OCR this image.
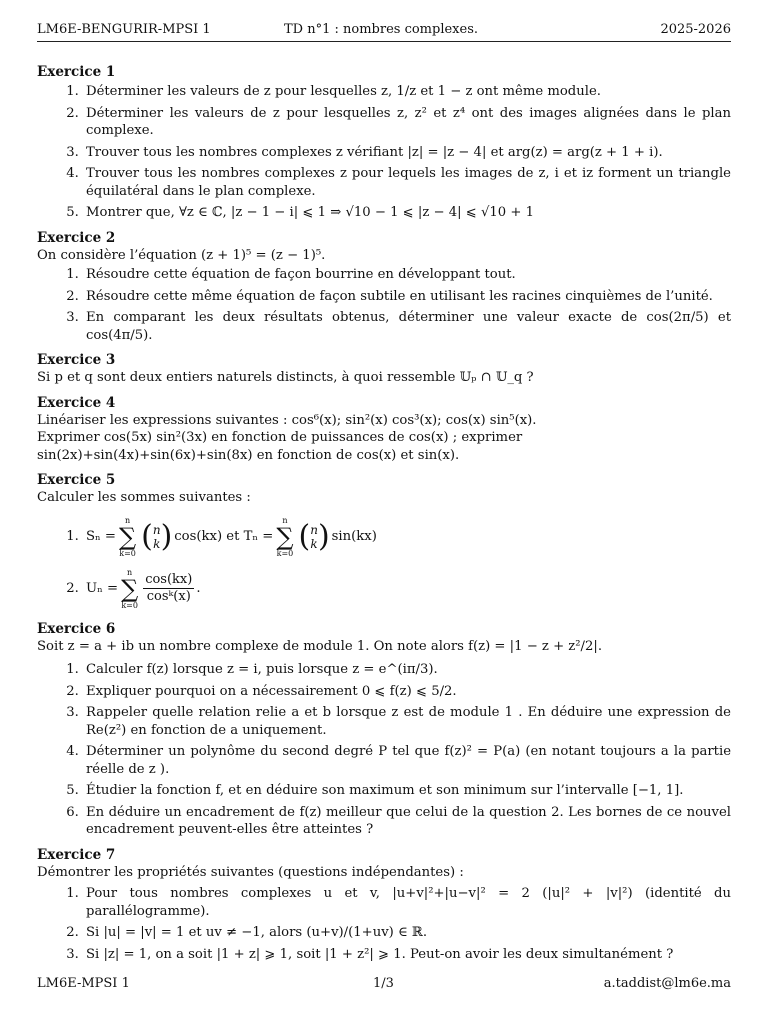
LM6E-BENGURIR-MPSI 1	TD n°1 : nombres complexes.	2025-2026
Exercice 1
1. Déterminer les valeurs de z pour lesquelles z, 1/z et 1 − z ont même module.
2. Déterminer les valeurs de z pour lesquelles z, z² et z⁴ ont des images alignées dans le plan complexe.
3. Trouver tous les nombres complexes z vérifiant |z| = |z − 4| et arg(z) = arg(z + 1 + i).
4. Trouver tous les nombres complexes z pour lequels les images de z, i et iz forment un triangle équilatéral dans le plan complexe.
5. Montrer que, ∀z ∈ ℂ, |z − 1 − i| ⩽ 1 ⇒ √10 − 1 ⩽ |z − 4| ⩽ √10 + 1
Exercice 2

On considère l’équation (z + 1)⁵ = (z − 1)⁵.

1. Résoudre cette équation de façon bourrine en développant tout.
2. Résoudre cette même équation de façon subtile en utilisant les racines cinquièmes de l’unité.
3. En comparant les deux résultats obtenus, déterminer une valeur exacte de cos(2π/5) et cos(4π/5).
Exercice 3

Si p et q sont deux entiers naturels distincts, à quoi ressemble 𝕌ₚ ∩ 𝕌_q ?

Exercice 4

Linéariser les expressions suivantes : cos⁶(x); sin²(x) cos³(x); cos(x) sin⁵(x).

Exprimer cos(5x) sin²(3x) en fonction de puissances de cos(x) ; exprimer sin(2x)+sin(4x)+sin(6x)+sin(8x) en fonction de cos(x) et sin(x).

Exercice 5

Calculer les sommes suivantes :

1. Sₙ =
n
∑
k=0 ( n
k ) cos(kx) et Tₙ =
n
∑
k=0 ( n
k ) sin(kx)
2. Uₙ =
n
∑
$k=0 \frac{\cos(kx)}{\text{cosᵏ(x)}}$ .
Exercice 6

Soit z = a + ib un nombre complexe de module 1. On note alors f(z) = |1 − z + z²/2|.

1. Calculer f(z) lorsque z = i, puis lorsque z = e^(iπ/3).
2. Expliquer pourquoi on a nécessairement 0 ⩽ f(z) ⩽ 5/2.
3. Rappeler quelle relation relie a et b lorsque z est de module 1 . En déduire une expression de Re(z²) en fonction de a uniquement.
4. Déterminer un polynôme du second degré P tel que f(z)² = P(a) (en notant toujours a la partie réelle de z ).
5. Étudier la fonction f, et en déduire son maximum et son minimum sur l’intervalle [−1, 1].
6. En déduire un encadrement de f(z) meilleur que celui de la question 2. Les bornes de ce nouvel encadrement peuvent-elles être atteintes ?
Exercice 7

Démontrer les propriétés suivantes (questions indépendantes) :

1. Pour tous nombres complexes u et v, |u+v|²+|u−v|² = 2 (|u|² + |v|²) (identité du parallélogramme).
2. Si |u| = |v| = 1 et uv ≠ −1, alors (u+v)/(1+uv) ∈ ℝ.
3. Si |z| = 1, on a soit |1 + z| ⩾ 1, soit |1 + z²| ⩾ 1. Peut-on avoir les deux simultanément ?
LM6E-MPSI 1	1/3	a.taddist@lm6e.ma
